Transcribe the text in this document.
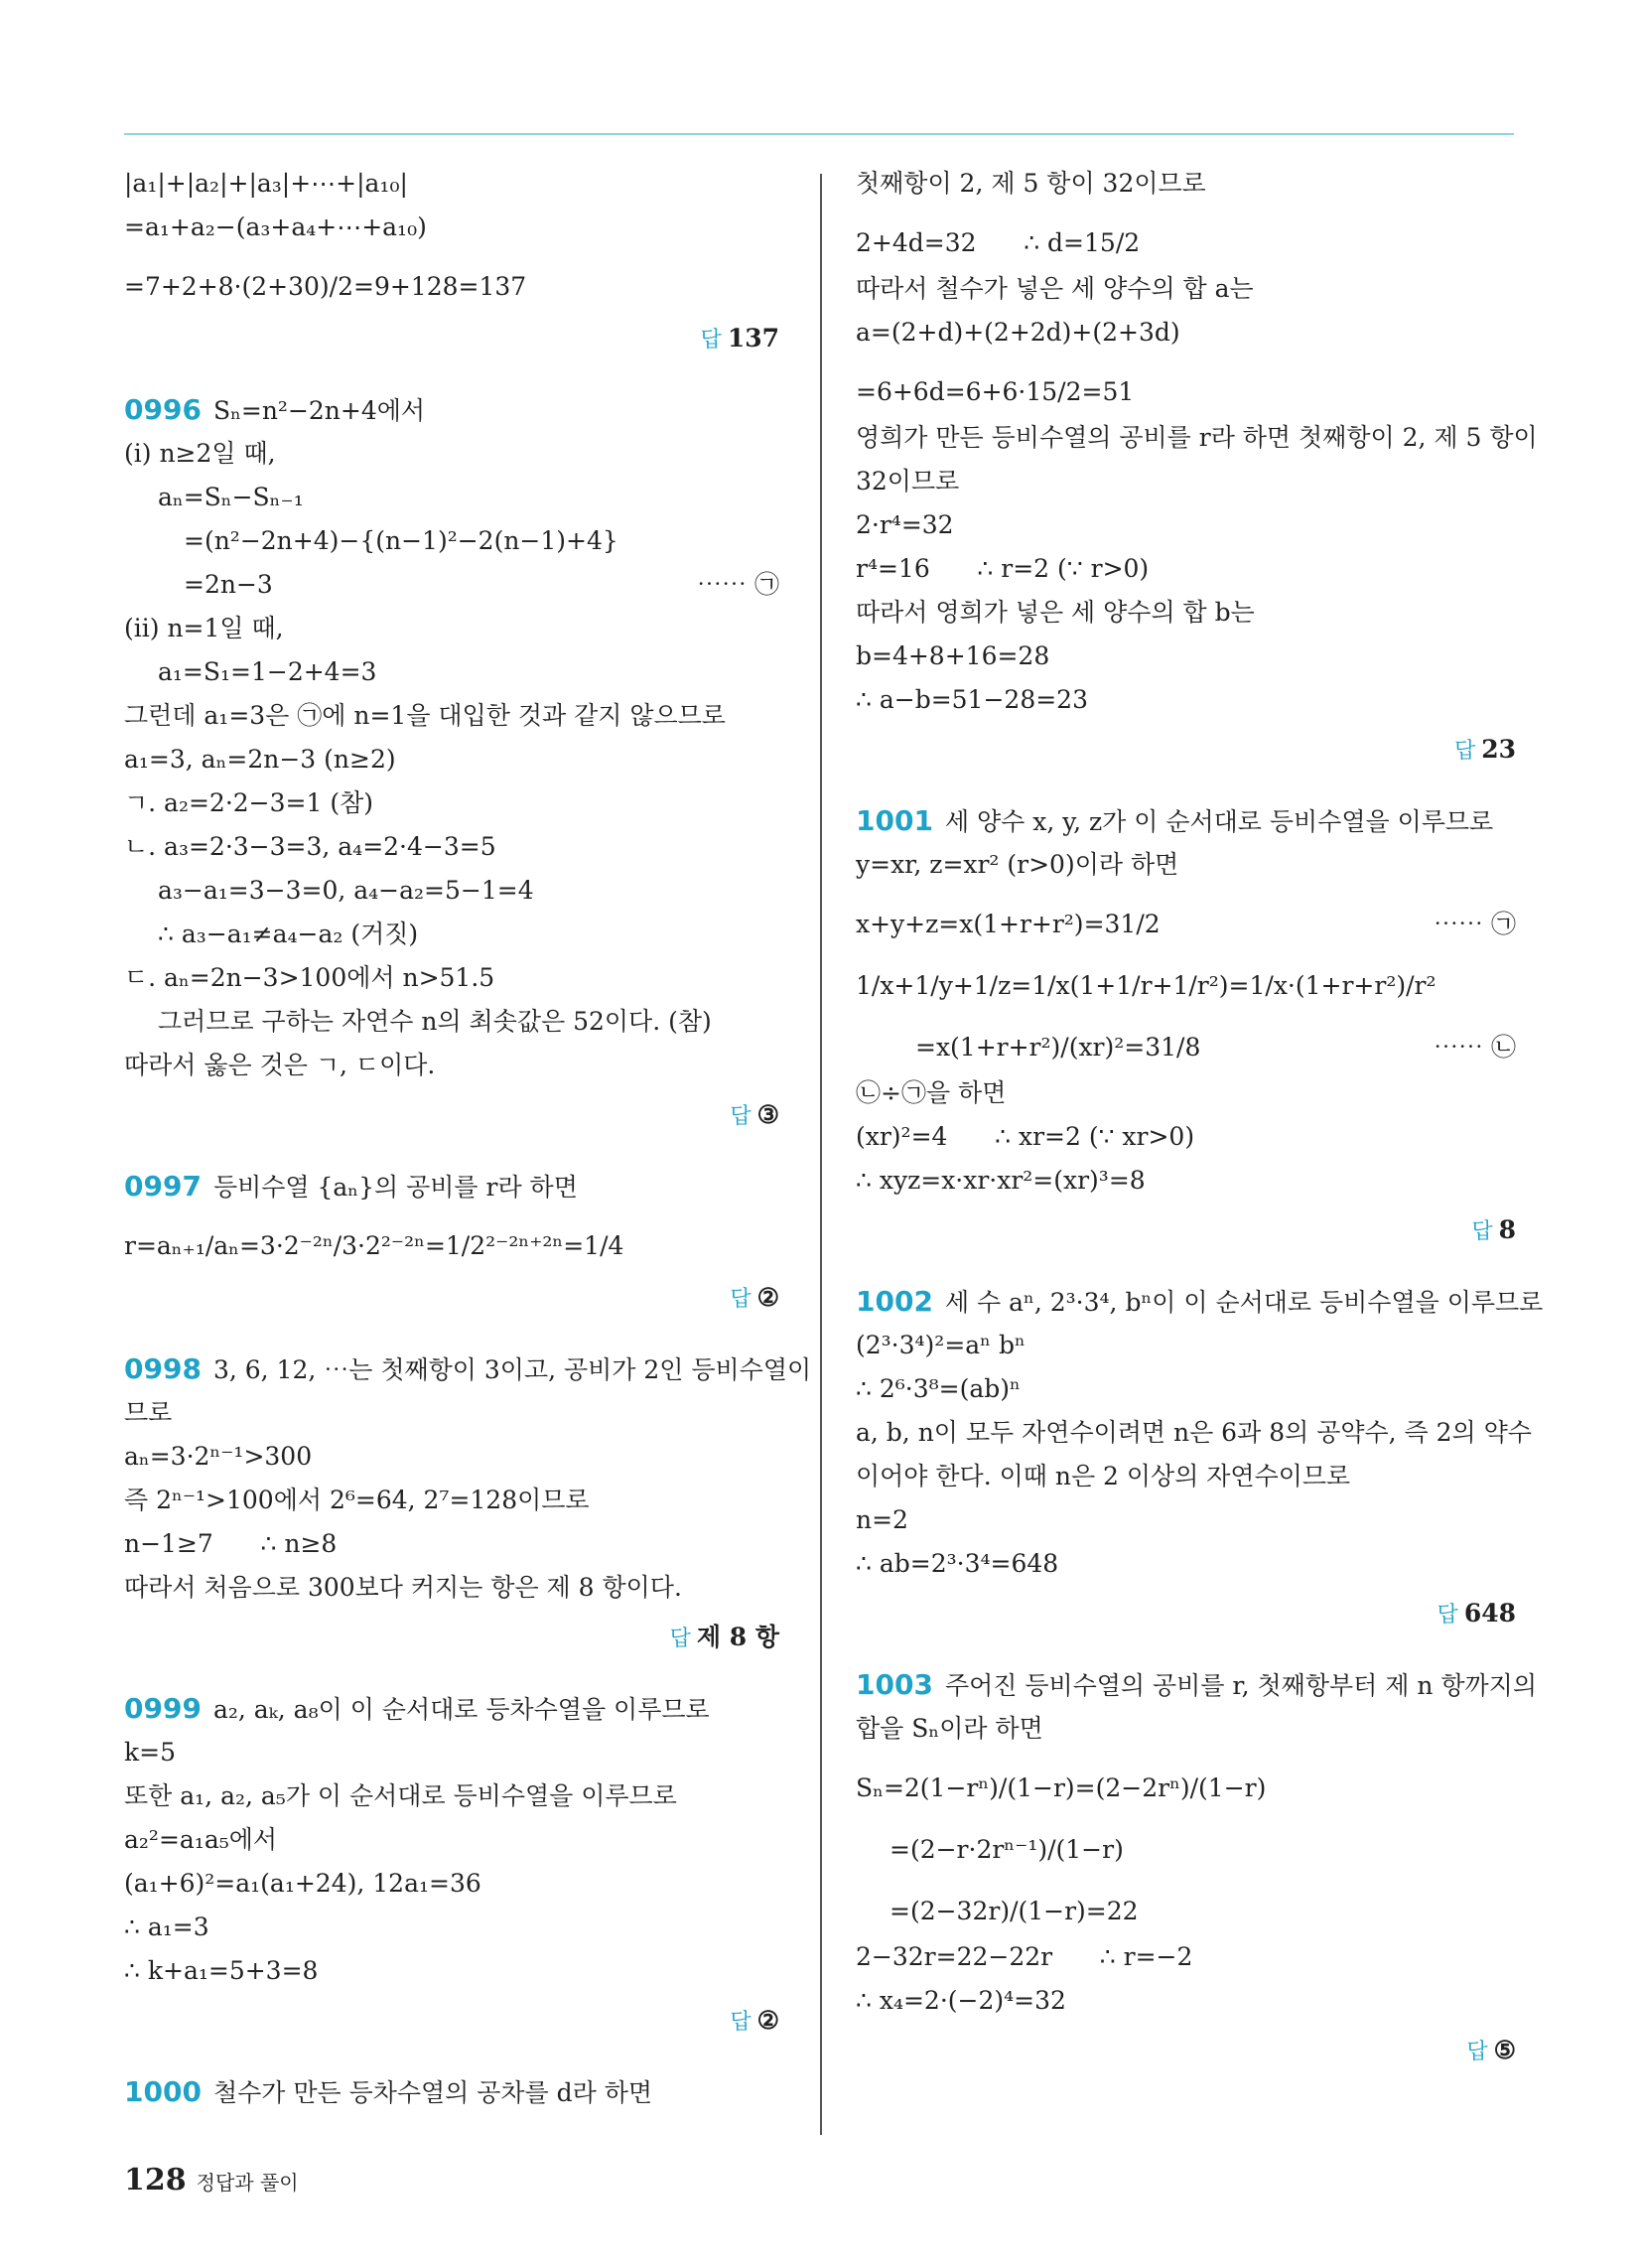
|a₁|+|a₂|+|a₃|+⋯+|a₁₀|
=a₁+a₂−(a₃+a₄+⋯+a₁₀)
=7+2+8·(2+30)/2=9+128=137
답 137
0996 Sₙ=n²−2n+4에서
(i) n≥2일 때,
aₙ=Sₙ−Sₙ₋₁
=(n²−2n+4)−{(n−1)²−2(n−1)+4}
=2n−3	⋯⋯ ㉠
(ii) n=1일 때,
a₁=S₁=1−2+4=3
그런데 a₁=3은 ㉠에 n=1을 대입한 것과 같지 않으므로
a₁=3, aₙ=2n−3 (n≥2)
ㄱ. a₂=2·2−3=1 (참)
ㄴ. a₃=2·3−3=3, a₄=2·4−3=5
a₃−a₁=3−3=0, a₄−a₂=5−1=4
∴ a₃−a₁≠a₄−a₂ (거짓)
ㄷ. aₙ=2n−3>100에서 n>51.5
그러므로 구하는 자연수 n의 최솟값은 52이다. (참)
따라서 옳은 것은 ㄱ, ㄷ이다.
답 ③
0997 등비수열 {aₙ}의 공비를 r라 하면
r=aₙ₊₁/aₙ=3·2⁻²ⁿ/3·2²⁻²ⁿ=1/2²⁻²ⁿ⁺²ⁿ=1/4
답 ②
0998 3, 6, 12, ⋯는 첫째항이 3이고, 공비가 2인 등비수열이
므로
aₙ=3·2ⁿ⁻¹>300
즉 2ⁿ⁻¹>100에서 2⁶=64, 2⁷=128이므로
n−1≥7      ∴ n≥8
따라서 처음으로 300보다 커지는 항은 제 8 항이다.
답 제 8 항
0999 a₂, aₖ, a₈이 이 순서대로 등차수열을 이루므로
k=5
또한 a₁, a₂, a₅가 이 순서대로 등비수열을 이루므로
a₂²=a₁a₅에서
(a₁+6)²=a₁(a₁+24), 12a₁=36
∴ a₁=3
∴ k+a₁=5+3=8
답 ②
1000 철수가 만든 등차수열의 공차를 d라 하면
첫째항이 2, 제 5 항이 32이므로
2+4d=32      ∴ d=15/2
따라서 철수가 넣은 세 양수의 합 a는
a=(2+d)+(2+2d)+(2+3d)
=6+6d=6+6·15/2=51
영희가 만든 등비수열의 공비를 r라 하면 첫째항이 2, 제 5 항이
32이므로
2·r⁴=32
r⁴=16      ∴ r=2 (∵ r>0)
따라서 영희가 넣은 세 양수의 합 b는
b=4+8+16=28
∴ a−b=51−28=23
답 23
1001 세 양수 x, y, z가 이 순서대로 등비수열을 이루므로
y=xr, z=xr² (r>0)이라 하면
x+y+z=x(1+r+r²)=31/2	⋯⋯ ㉠
1/x+1/y+1/z=1/x(1+1/r+1/r²)=1/x·(1+r+r²)/r²
=x(1+r+r²)/(xr)²=31/8	⋯⋯ ㉡
㉡÷㉠을 하면
(xr)²=4      ∴ xr=2 (∵ xr>0)
∴ xyz=x·xr·xr²=(xr)³=8
답 8
1002 세 수 aⁿ, 2³·3⁴, bⁿ이 이 순서대로 등비수열을 이루므로
(2³·3⁴)²=aⁿ bⁿ
∴ 2⁶·3⁸=(ab)ⁿ
a, b, n이 모두 자연수이려면 n은 6과 8의 공약수, 즉 2의 약수
이어야 한다. 이때 n은 2 이상의 자연수이므로
n=2
∴ ab=2³·3⁴=648
답 648
1003 주어진 등비수열의 공비를 r, 첫째항부터 제 n 항까지의
합을 Sₙ이라 하면
Sₙ=2(1−rⁿ)/(1−r)=(2−2rⁿ)/(1−r)
=(2−r·2rⁿ⁻¹)/(1−r)
=(2−32r)/(1−r)=22
2−32r=22−22r      ∴ r=−2
∴ x₄=2·(−2)⁴=32
답 ⑤
128 정답과 풀이
